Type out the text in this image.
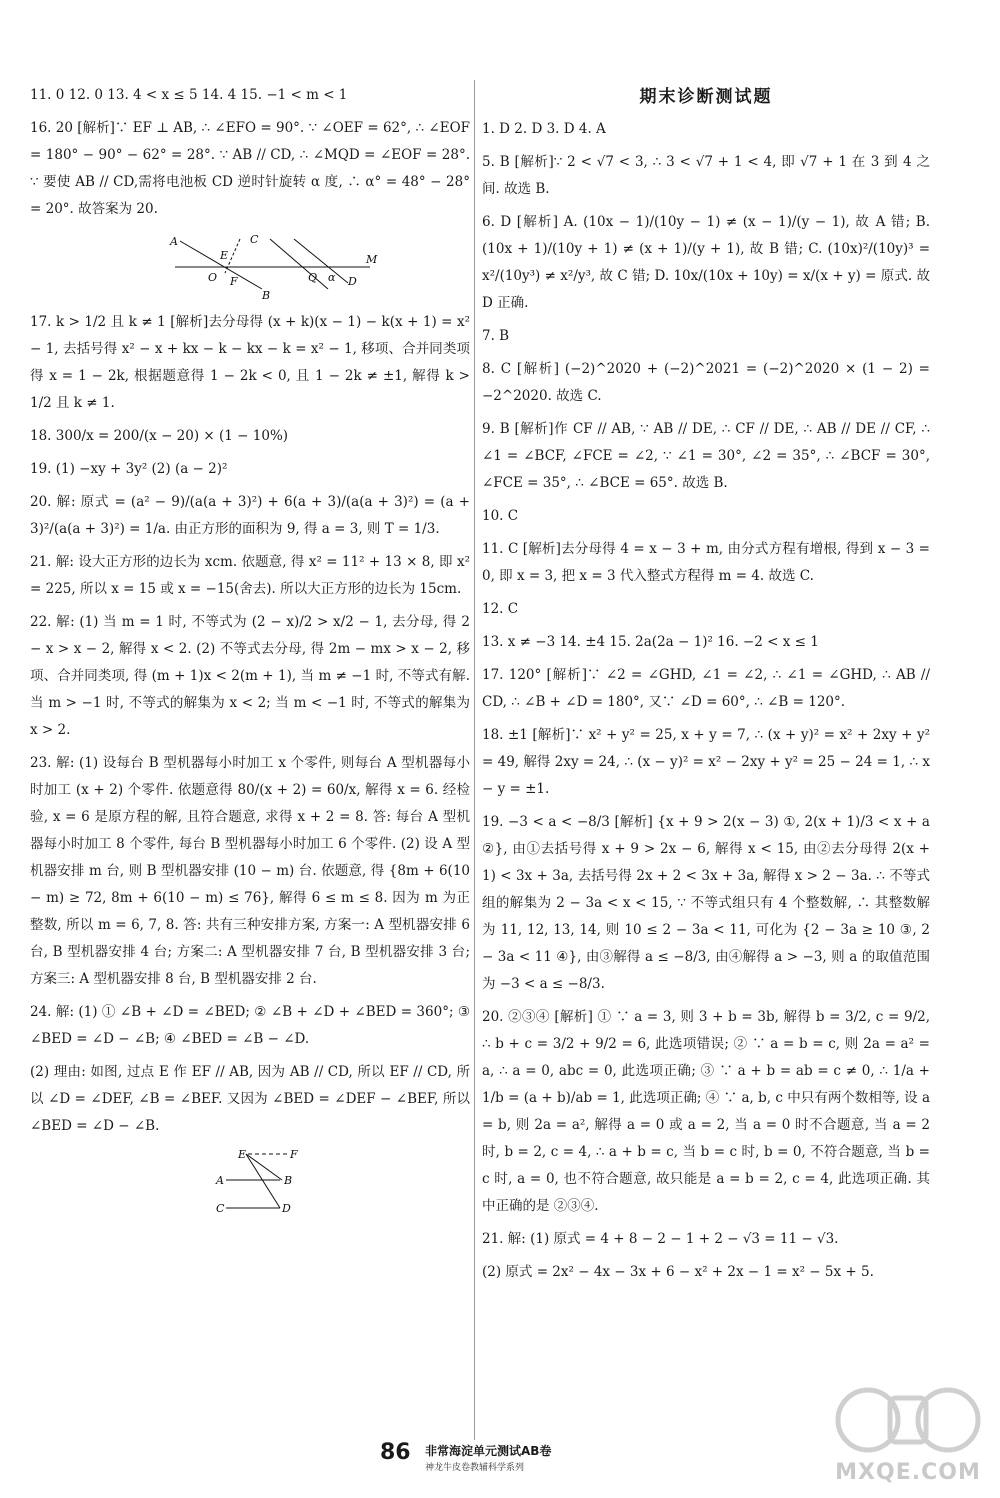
11. 0 12. 0 13. 4 < x ≤ 5 14. 4 15. −1 < m < 1

16. 20 [解析]∵ EF ⊥ AB, ∴ ∠EFO = 90°. ∵ ∠OEF = 62°, ∴ ∠EOF = 180° − 90° − 62° = 28°. ∵ AB // CD, ∴ ∠MQD = ∠EOF = 28°. ∵ 要使 AB // CD,需将电池板 CD 逆时针旋转 α 度, ∴ α° = 48° − 28° = 20°. 故答案为 20.

A
E
C
M
O F	Q α D
B

17. k > 1/2 且 k ≠ 1 [解析]去分母得 (x + k)(x − 1) − k(x + 1) = x² − 1, 去括号得 x² − x + kx − k − kx − k = x² − 1, 移项、合并同类项得 x = 1 − 2k, 根据题意得 1 − 2k < 0, 且 1 − 2k ≠ ±1, 解得 k > 1/2 且 k ≠ 1.

18. 300/x = 200/(x − 20) × (1 − 10%)

19. (1) −xy + 3y² (2) (a − 2)²

20. 解: 原式 = (a² − 9)/(a(a + 3)²) + 6(a + 3)/(a(a + 3)²) = (a + 3)²/(a(a + 3)²) = 1/a. 由正方形的面积为 9, 得 a = 3, 则 T = 1/3.

21. 解: 设大正方形的边长为 xcm. 依题意, 得 x² = 11² + 13 × 8, 即 x² = 225, 所以 x = 15 或 x = −15(舍去). 所以大正方形的边长为 15cm.

22. 解: (1) 当 m = 1 时, 不等式为 (2 − x)/2 > x/2 − 1, 去分母, 得 2 − x > x − 2, 解得 x < 2. (2) 不等式去分母, 得 2m − mx > x − 2, 移项、合并同类项, 得 (m + 1)x < 2(m + 1), 当 m ≠ −1 时, 不等式有解. 当 m > −1 时, 不等式的解集为 x < 2; 当 m < −1 时, 不等式的解集为 x > 2.

23. 解: (1) 设每台 B 型机器每小时加工 x 个零件, 则每台 A 型机器每小时加工 (x + 2) 个零件. 依题意得 80/(x + 2) = 60/x, 解得 x = 6. 经检验, x = 6 是原方程的解, 且符合题意, 求得 x + 2 = 8. 答: 每台 A 型机器每小时加工 8 个零件, 每台 B 型机器每小时加工 6 个零件. (2) 设 A 型机器安排 m 台, 则 B 型机器安排 (10 − m) 台. 依题意, 得 {8m + 6(10 − m) ≥ 72, 8m + 6(10 − m) ≤ 76}, 解得 6 ≤ m ≤ 8. 因为 m 为正整数, 所以 m = 6, 7, 8. 答: 共有三种安排方案, 方案一: A 型机器安排 6 台, B 型机器安排 4 台; 方案二: A 型机器安排 7 台, B 型机器安排 3 台; 方案三: A 型机器安排 8 台, B 型机器安排 2 台.

24. 解: (1) ① ∠B + ∠D = ∠BED; ② ∠B + ∠D + ∠BED = 360°; ③ ∠BED = ∠D − ∠B; ④ ∠BED = ∠B − ∠D.

(2) 理由: 如图, 过点 E 作 EF // AB, 因为 AB // CD, 所以 EF // CD, 所以 ∠D = ∠DEF, ∠B = ∠BEF. 又因为 ∠BED = ∠DEF − ∠BEF, 所以 ∠BED = ∠D − ∠B.

E	F
A	B
C	D
期末诊断测试题

1. D 2. D 3. D 4. A

5. B [解析]∵ 2 < √7 < 3, ∴ 3 < √7 + 1 < 4, 即 √7 + 1 在 3 到 4 之间. 故选 B.

6. D [解析] A. (10x − 1)/(10y − 1) ≠ (x − 1)/(y − 1), 故 A 错; B. (10x + 1)/(10y + 1) ≠ (x + 1)/(y + 1), 故 B 错; C. (10x)²/(10y)³ = x²/(10y³) ≠ x²/y³, 故 C 错; D. 10x/(10x + 10y) = x/(x + y) = 原式. 故 D 正确.

7. B

8. C [解析] (−2)^2020 + (−2)^2021 = (−2)^2020 × (1 − 2) = −2^2020. 故选 C.

9. B [解析]作 CF // AB, ∵ AB // DE, ∴ CF // DE, ∴ AB // DE // CF, ∴ ∠1 = ∠BCF, ∠FCE = ∠2, ∵ ∠1 = 30°, ∠2 = 35°, ∴ ∠BCF = 30°, ∠FCE = 35°, ∴ ∠BCE = 65°. 故选 B.

10. C

11. C [解析]去分母得 4 = x − 3 + m, 由分式方程有增根, 得到 x − 3 = 0, 即 x = 3, 把 x = 3 代入整式方程得 m = 4. 故选 C.

12. C

13. x ≠ −3 14. ±4 15. 2a(2a − 1)² 16. −2 < x ≤ 1

17. 120° [解析]∵ ∠2 = ∠GHD, ∠1 = ∠2, ∴ ∠1 = ∠GHD, ∴ AB // CD, ∴ ∠B + ∠D = 180°, 又∵ ∠D = 60°, ∴ ∠B = 120°.

18. ±1 [解析]∵ x² + y² = 25, x + y = 7, ∴ (x + y)² = x² + 2xy + y² = 49, 解得 2xy = 24, ∴ (x − y)² = x² − 2xy + y² = 25 − 24 = 1, ∴ x − y = ±1.

19. −3 < a < −8/3 [解析] {x + 9 > 2(x − 3) ①, 2(x + 1)/3 < x + a ②}, 由①去括号得 x + 9 > 2x − 6, 解得 x < 15, 由②去分母得 2(x + 1) < 3x + 3a, 去括号得 2x + 2 < 3x + 3a, 解得 x > 2 − 3a. ∴ 不等式组的解集为 2 − 3a < x < 15, ∵ 不等式组只有 4 个整数解, ∴ 其整数解为 11, 12, 13, 14, 则 10 ≤ 2 − 3a < 11, 可化为 {2 − 3a ≥ 10 ③, 2 − 3a < 11 ④}, 由③解得 a ≤ −8/3, 由④解得 a > −3, 则 a 的取值范围为 −3 < a ≤ −8/3.

20. ②③④ [解析] ① ∵ a = 3, 则 3 + b = 3b, 解得 b = 3/2, c = 9/2, ∴ b + c = 3/2 + 9/2 = 6, 此选项错误; ② ∵ a = b = c, 则 2a = a² = a, ∴ a = 0, abc = 0, 此选项正确; ③ ∵ a + b = ab = c ≠ 0, ∴ 1/a + 1/b = (a + b)/ab = 1, 此选项正确; ④ ∵ a, b, c 中只有两个数相等, 设 a = b, 则 2a = a², 解得 a = 0 或 a = 2, 当 a = 0 时不合题意, 当 a = 2 时, b = 2, c = 4, ∴ a + b = c, 当 b = c 时, b = 0, 不符合题意, 当 b = c 时, a = 0, 也不符合题意, 故只能是 a = b = 2, c = 4, 此选项正确. 其中正确的是 ②③④.

21. 解: (1) 原式 = 4 + 8 − 2 − 1 + 2 − √3 = 11 − √3.

(2) 原式 = 2x² − 4x − 3x + 6 − x² + 2x − 1 = x² − 5x + 5.

86 非常海淀单元测试AB卷
神龙牛皮卷教辅科学系列	MXQE.COM
